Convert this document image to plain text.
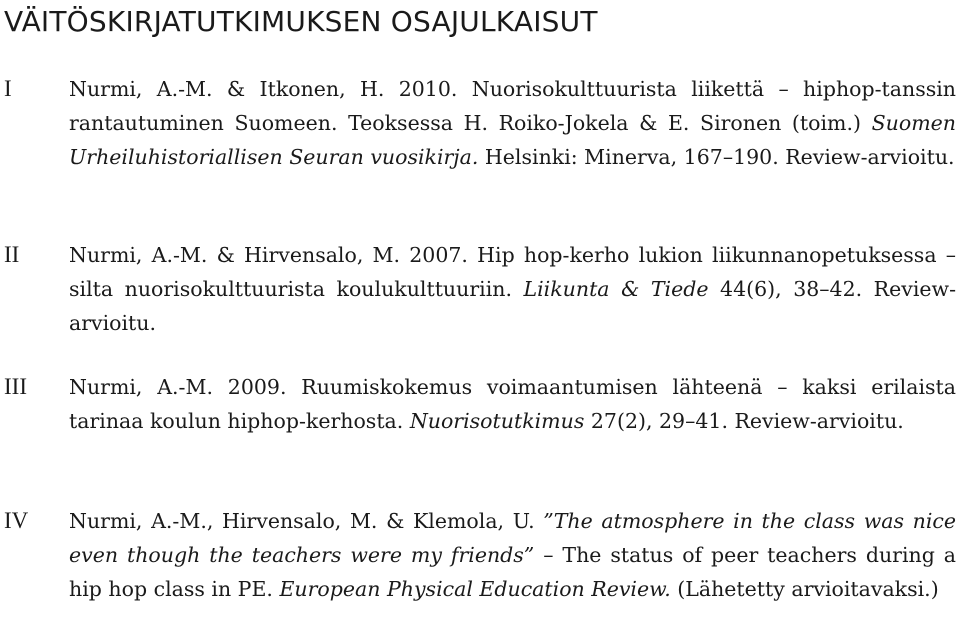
VÄITÖSKIRJATUTKIMUKSEN OSAJULKAISUT
I	Nurmi, A.-M. & Itkonen, H. 2010. Nuorisokulttuurista liikettä – hiphop-tanssin rantautuminen Suomeen. Teoksessa H. Roiko-Jokela & E. Sironen (toim.) Suomen Urheiluhistoriallisen Seuran vuosikirja. Helsinki: Minerva, 167–190. Review-arvioitu.

II Nurmi, A.-M. & Hirvensalo, M. 2007. Hip hop-kerho lukion liikunnanopetuksessa – silta nuorisokulttuurista koulukulttuuriin. Liikunta & Tiede 44(6), 38–42. Review-arvioitu.

III Nurmi, A.-M. 2009. Ruumiskokemus voimaantumisen lähteenä – kaksi erilaista tarinaa koulun hiphop-kerhosta. Nuorisotutkimus 27(2), 29–41. Review-arvioitu.

IV Nurmi, A.-M., Hirvensalo, M. & Klemola, U. ”The atmosphere in the class was nice even though the teachers were my friends” – The status of peer teachers during a hip hop class in PE. European Physical Education Review. (Lähetetty arvioitavaksi.)
